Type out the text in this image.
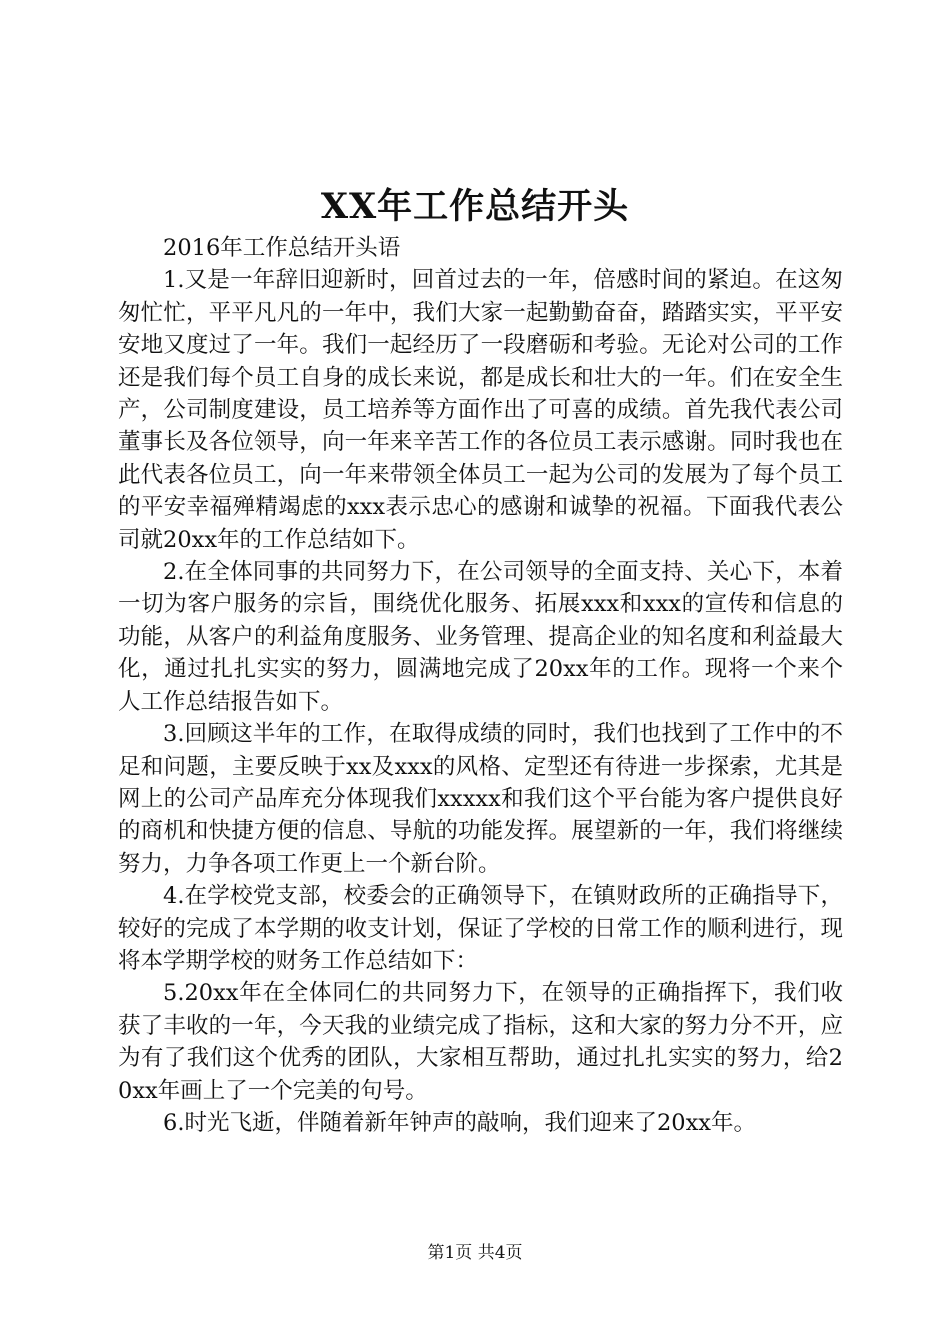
XX年工作总结开头

2016年工作总结开头语

1.又是一年辞旧迎新时，回首过去的一年，倍感时间的紧迫。在这匆匆忙忙，平平凡凡的一年中，我们大家一起勤勤奋奋，踏踏实实，平平安安地又度过了一年。我们一起经历了一段磨砺和考验。无论对公司的工作还是我们每个员工自身的成长来说，都是成长和壮大的一年。们在安全生产，公司制度建设，员工培养等方面作出了可喜的成绩。首先我代表公司董事长及各位领导，向一年来辛苦工作的各位员工表示感谢。同时我也在此代表各位员工，向一年来带领全体员工一起为公司的发展为了每个员工的平安幸福殚精竭虑的xxx表示忠心的感谢和诚挚的祝福。下面我代表公司就20xx年的工作总结如下。

2.在全体同事的共同努力下，在公司领导的全面支持、关心下，本着一切为客户服务的宗旨，围绕优化服务、拓展xxx和xxx的宣传和信息的功能，从客户的利益角度服务、业务管理、提高企业的知名度和利益最大化，通过扎扎实实的努力，圆满地完成了20xx年的工作。现将一个来个人工作总结报告如下。

3.回顾这半年的工作，在取得成绩的同时，我们也找到了工作中的不足和问题，主要反映于xx及xxx的风格、定型还有待进一步探索，尤其是网上的公司产品库充分体现我们xxxxx和我们这个平台能为客户提供良好的商机和快捷方便的信息、导航的功能发挥。展望新的一年，我们将继续努力，力争各项工作更上一个新台阶。

4.在学校党支部，校委会的正确领导下，在镇财政所的正确指导下，较好的完成了本学期的收支计划，保证了学校的日常工作的顺利进行，现将本学期学校的财务工作总结如下：

5.20xx年在全体同仁的共同努力下，在领导的正确指挥下，我们收获了丰收的一年，今天我的业绩完成了指标，这和大家的努力分不开，应为有了我们这个优秀的团队，大家相互帮助，通过扎扎实实的努力，给20xx年画上了一个完美的句号。

6.时光飞逝，伴随着新年钟声的敲响，我们迎来了20xx年。

第1页 共4页
